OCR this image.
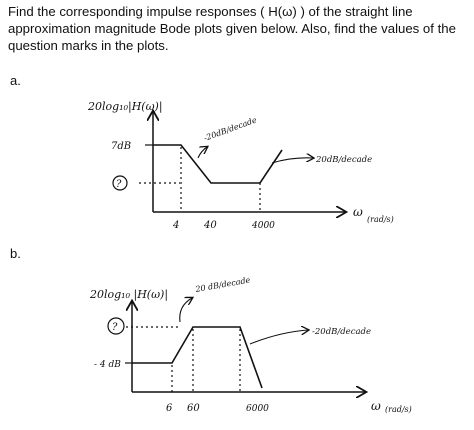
Find the corresponding impulse responses ( H(ω) ) of the straight line approximation magnitude Bode plots given below. Also, find the values of the question marks in the plots.
a.
b.
20log₁₀|H(ω)|
7dB
?
-20dB/decade
20dB/decade
4 40	4000
ω
(rad/s)
20log₁₀ |H(ω)|
?
- 4 dB
20 dB/decade
-20dB/decade
6 60	6000	ω (rad/s)
